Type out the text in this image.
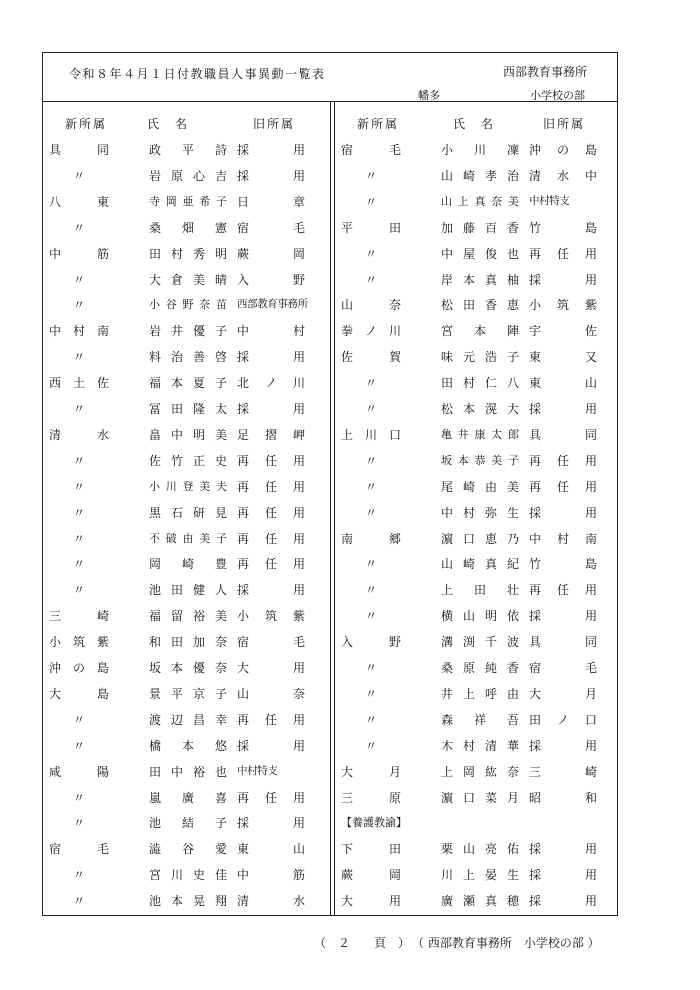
令和８年４月１日付教職員人事異動一覧表	西部教育事務所
幡多	小学校の部
新所属	氏　名	旧所属	新所属	氏　名	旧所属
具同	政平詩 採用
〃	岩原心吉 採用
八東	寺岡亜希子 日章
〃	桑畑憲 宿毛
中筋	田村秀明 蕨岡
〃	大倉美晴 入野
〃	小谷野奈苗 西部教育事務所
中村南	岩井優子 中村
〃	料治善啓 採用
西土佐	福本夏子 北ノ川
〃	冨田隆太 採用
清水	畠中明美 足摺岬
〃	佐竹正史 再任用
〃	小川登美夫 再任用
〃	黒石研見 再任用
〃	不破由美子 再任用
〃	岡崎豊 再任用
〃	池田健人 採用
三崎	福留裕美 小筑紫
小筑紫	和田加奈 宿毛
沖の島	坂本優奈 大用
大島	景平京子 山奈
〃	渡辺昌幸 再任用
〃	橋本悠 採用
咸陽	田中裕也 中村特支
〃	嵐廣喜 再任用
〃	池結子 採用
宿毛	澁谷愛 東山
〃	宮川史佳 中筋
〃	池本晃翔 清水
宿毛	小川凜 沖の島
〃	山崎孝治 清水中
〃	山上真奈美 中村特支
平田	加藤百香 竹島
〃	中屋俊也 再任用
〃	岸本真柚 採用
山奈	松田香恵 小筑紫
拳ノ川	宮本陣 宇佐
佐賀	味元浩子 東又
〃	田村仁八 東山
〃	松本滉大 採用
上川口	亀井康太郎 具同
〃	坂本恭美子 再任用
〃	尾崎由美 再任用
〃	中村弥生 採用
南郷	濵口恵乃 中村南
〃	山崎真紀 竹島
〃	上田壮 再任用
〃	横山明依 採用
入野	溝渕千波 具同
〃	桑原純香 宿毛
〃	井上呼由 大月
〃	森祥吾 田ノ口
〃	木村清華 採用
大月	上岡紘奈 三崎
三原	濵口菜月 昭和
【養護教諭】
下田	栗山亮佑 採用
蕨岡	川上晏生 採用
大用	廣瀬真穂 採用
（　２　　頁　） （ 西部教育事務所　小学校の部 ）
